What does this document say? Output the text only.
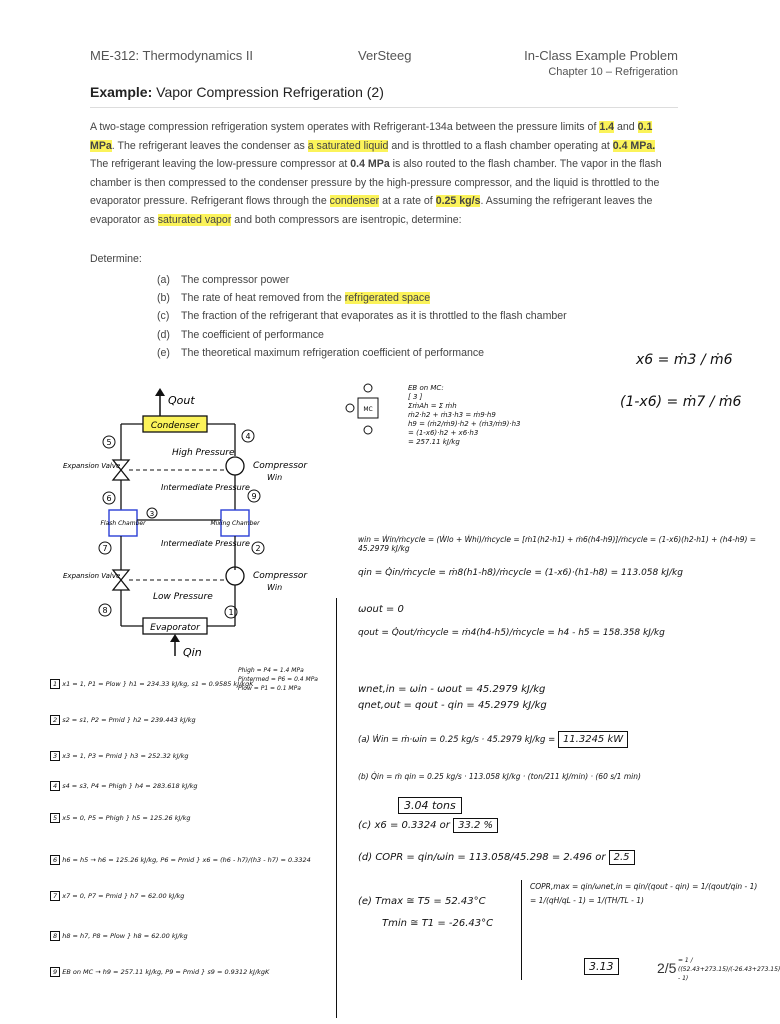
ME-312: Thermodynamics II	VerSteeg	In-Class Example Problem
Chapter 10 – Refrigeration
Example: Vapor Compression Refrigeration (2)
A two-stage compression refrigeration system operates with Refrigerant-134a between the pressure limits of 1.4 and 0.1 MPa. The refrigerant leaves the condenser as a saturated liquid and is throttled to a flash chamber operating at 0.4 MPa. The refrigerant leaving the low-pressure compressor at 0.4 MPa is also routed to the flash chamber. The vapor in the flash chamber is then compressed to the condenser pressure by the high-pressure compressor, and the liquid is throttled to the evaporator pressure. Refrigerant flows through the condenser at a rate of 0.25 kg/s. Assuming the refrigerant leaves the evaporator as saturated vapor and both compressors are isentropic, determine:
Determine:
(a) The compressor power
(b) The rate of heat removed from the refrigerated space
(c) The fraction of the refrigerant that evaporates as it is throttled to the flash chamber
(d) The coefficient of performance
(e) The theoretical maximum refrigeration coefficient of performance	x6 = ṁ3 / ṁ6
(1-x6) = ṁ7 / ṁ6
Qout
Condenser
High Pressure
5
4
Expansion Valve	Compressor
Win
6	9
Intermediate Pressure
Flash Chamber	Mixing Chamber
3
7	2
Intermediate Pressure
Expansion Valve	Compressor
Win
Low Pressure
8	1
Evaporator
Qin
MC
EB on MC:
[ 3 ]
ΣṁAh = Σ ṁh
ṁ2·h2 + ṁ3·h3 = ṁ9·h9
h9 = (ṁ2/ṁ9)·h2 + (ṁ3/ṁ9)·h3
= (1-x6)·h2 + x6·h3
= 257.11 kJ/kg
Phigh = P4 = 1.4 MPa
Pintermed = P6 = 0.4 MPa
Plow = P1 = 0.1 MPa
1 x1 = 1, P1 = Plow } h1 = 234.33 kJ/kg, s1 = 0.9585 kJ/kgK
2 s2 = s1, P2 = Pmid } h2 = 239.443 kJ/kg
3 x3 = 1, P3 = Pmid } h3 = 252.32 kJ/kg
4 s4 = s3, P4 = Phigh } h4 = 283.618 kJ/kg
5 x5 = 0, P5 = Phigh } h5 = 125.26 kJ/kg
6 h6 = h5 → h6 = 125.26 kJ/kg, P6 = Pmid } x6 = (h6 - h7)/(h3 - h7) = 0.3324
7 x7 = 0, P7 = Pmid } h7 = 62.00 kJ/kg
8 h8 = h7, P8 = Plow } h8 = 62.00 kJ/kg
9 EB on MC → h9 = 257.11 kJ/kg, P9 = Pmid } s9 = 0.9312 kJ/kgK
win = Ẇin/ṁcycle = (Ẇlo + Ẇhi)/ṁcycle = [ṁ1(h2-h1) + ṁ6(h4-h9)]/ṁcycle = (1-x6)(h2-h1) + (h4-h9) = 45.2979 kJ/kg
qin = Q̇in/ṁcycle = ṁ8(h1-h8)/ṁcycle = (1-x6)·(h1-h8) = 113.058 kJ/kg
ωout = 0
qout = Q̇out/ṁcycle = ṁ4(h4-h5)/ṁcycle = h4 - h5 = 158.358 kJ/kg
wnet,in = ωin - ωout = 45.2979 kJ/kg
qnet,out = qout - qin = 45.2979 kJ/kg
(a) Ẇin = ṁ·ωin = 0.25 kg/s · 45.2979 kJ/kg = 11.3245 kW
(b) Q̇in = ṁ qin = 0.25 kg/s · 113.058 kJ/kg · (ton/211 kJ/min) · (60 s/1 min)
3.04 tons
(c) x6 = 0.3324 or 33.2 %
(d) COPR = qin/ωin = 113.058/45.298 = 2.496 or 2.5
(e) Tmax ≅ T5 = 52.43°C
Tmin ≅ T1 = -26.43°C
COPR,max = qin/ωnet,in = qin/(qout - qin) = 1/(qout/qin - 1) = 1/(qH/qL - 1) = 1/(TH/TL - 1)
= 1 / ((52.43+273.15)/(-26.43+273.15) - 1)
3.13	2/5
